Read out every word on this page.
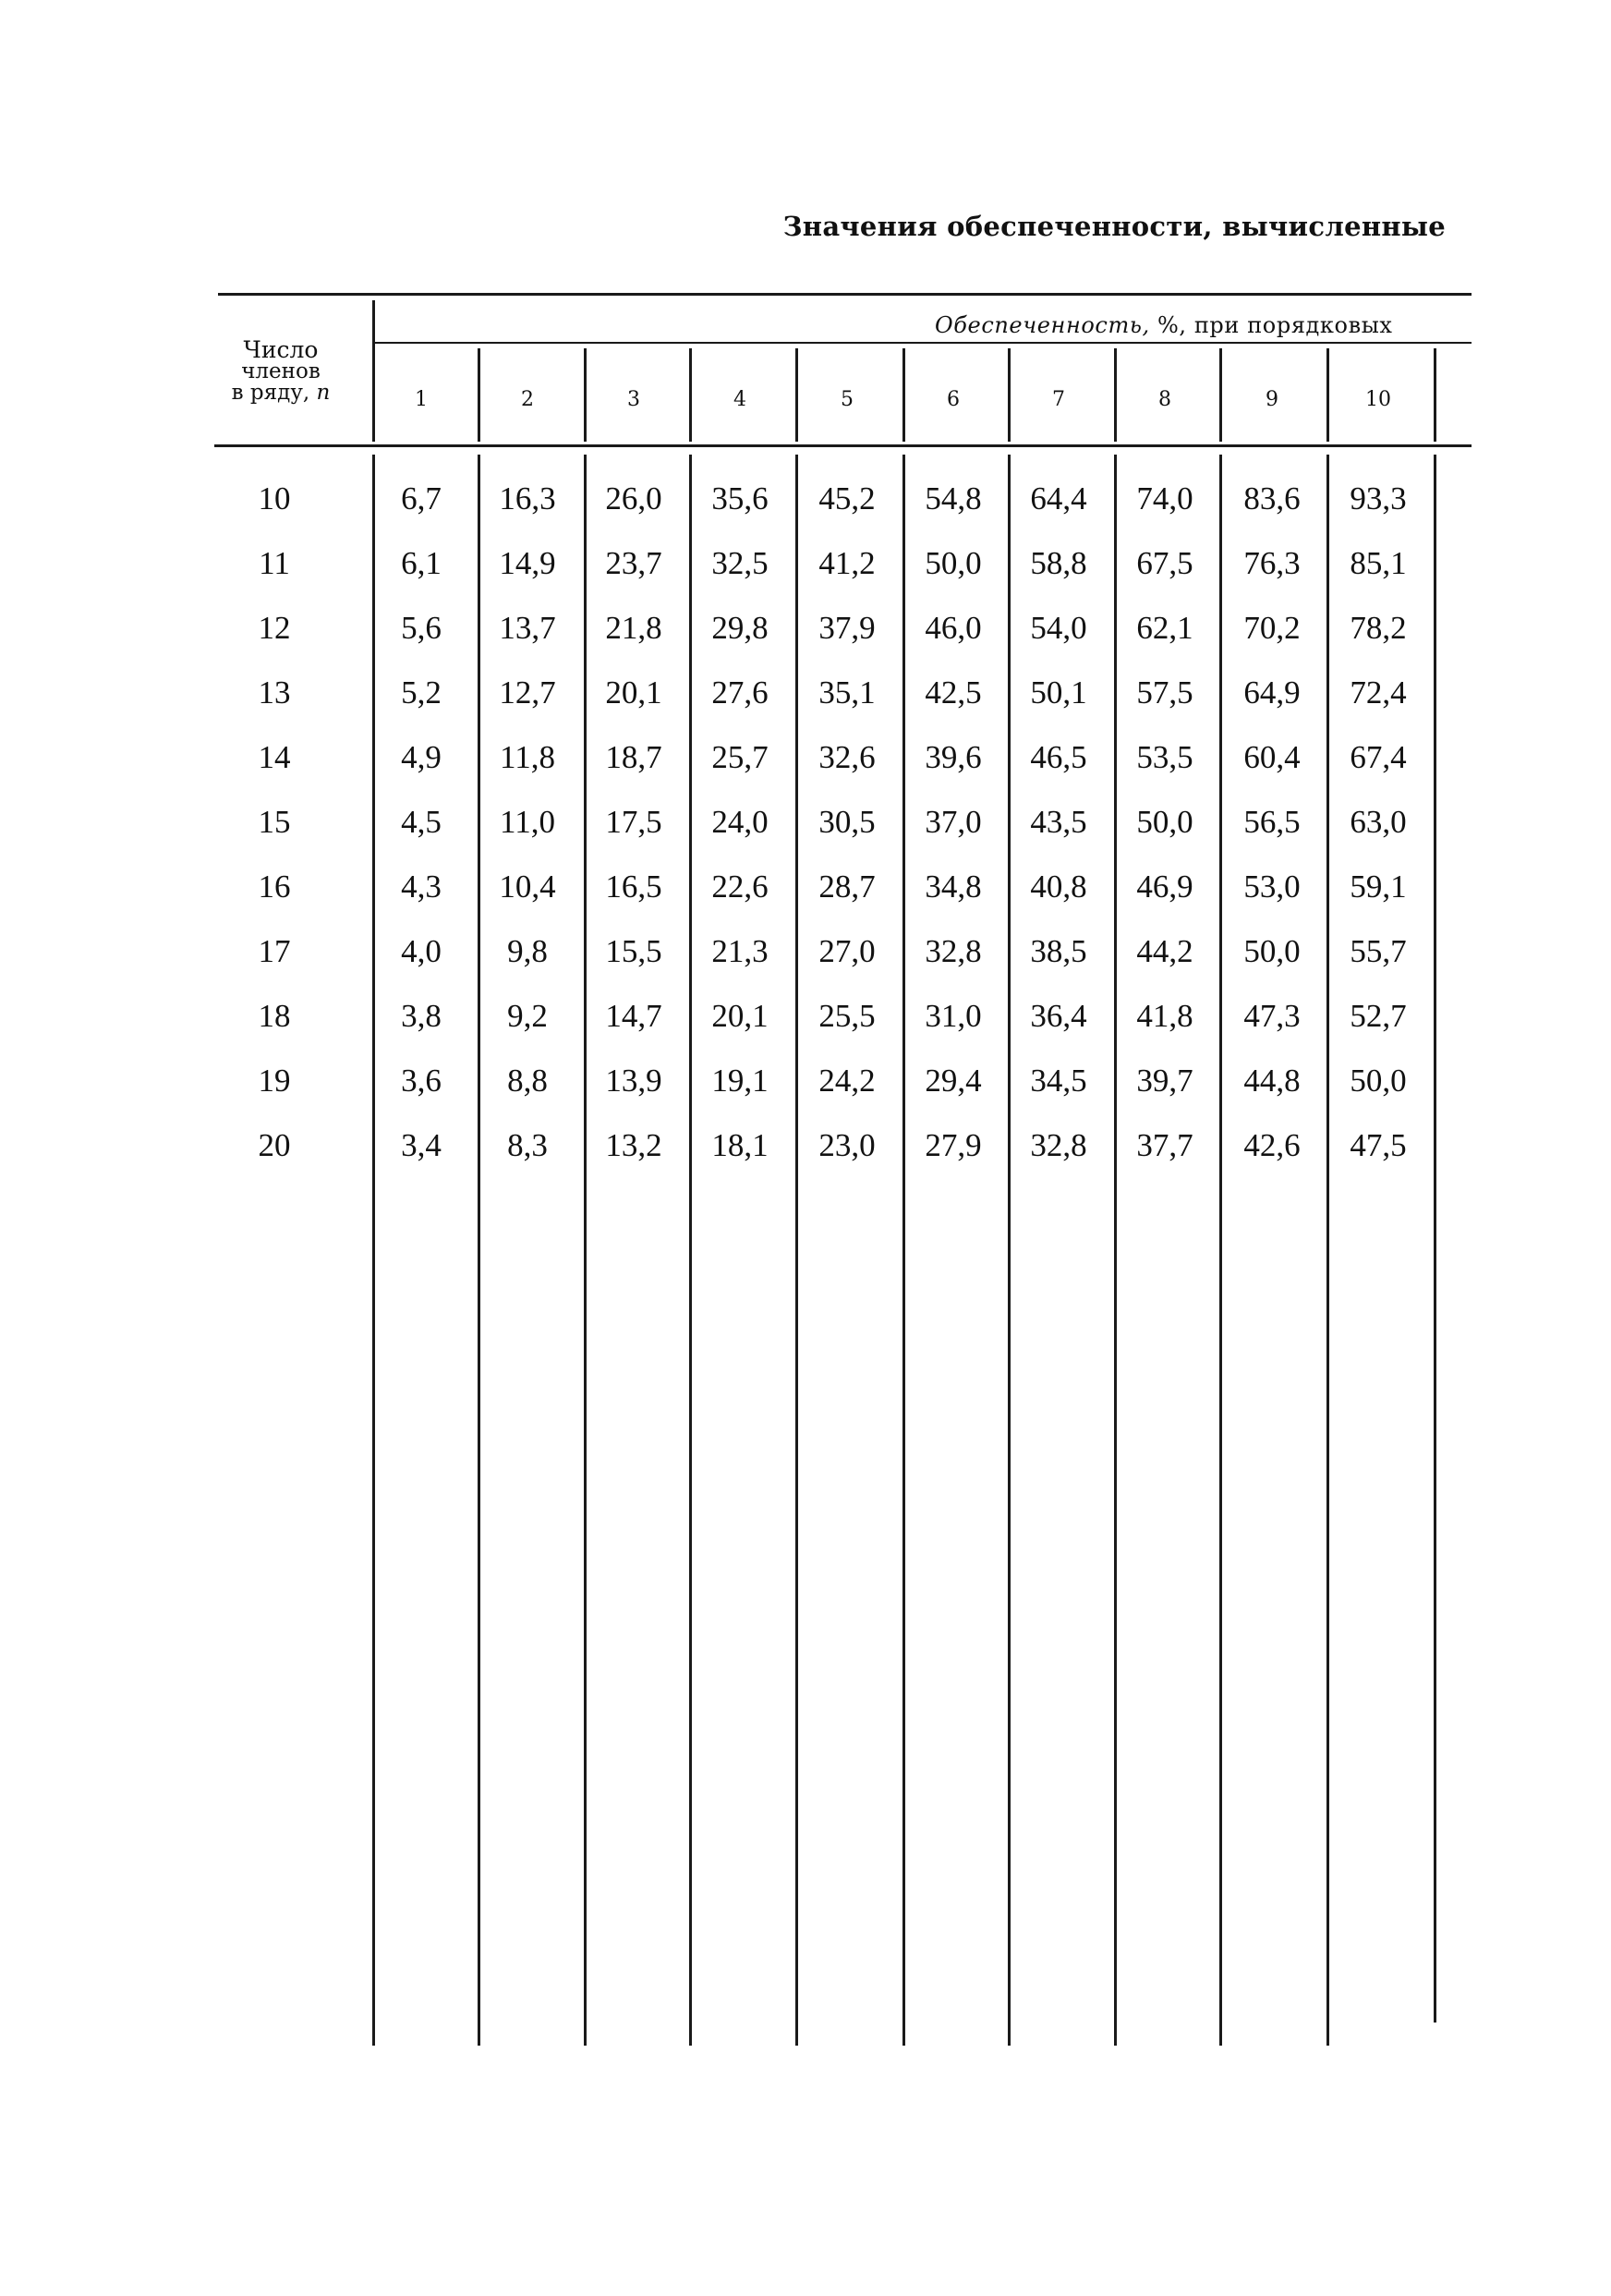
Значения обеспеченности, вычисленные
Число
членов
в ряду, n
Обеспеченность, %, при порядковых
1	2	3	4	5	6	7	8	9	10
10	6,7	16,3	26,0	35,6	45,2	54,8	64,4	74,0	83,6	93,3
11	6,1	14,9	23,7	32,5	41,2	50,0	58,8	67,5	76,3	85,1
12	5,6	13,7	21,8	29,8	37,9	46,0	54,0	62,1	70,2	78,2
13	5,2	12,7	20,1	27,6	35,1	42,5	50,1	57,5	64,9	72,4
14	4,9	11,8	18,7	25,7	32,6	39,6	46,5	53,5	60,4	67,4
15	4,5	11,0	17,5	24,0	30,5	37,0	43,5	50,0	56,5	63,0
16	4,3	10,4	16,5	22,6	28,7	34,8	40,8	46,9	53,0	59,1
17	4,0	9,8	15,5	21,3	27,0	32,8	38,5	44,2	50,0	55,7
18	3,8	9,2	14,7	20,1	25,5	31,0	36,4	41,8	47,3	52,7
19	3,6	8,8	13,9	19,1	24,2	29,4	34,5	39,7	44,8	50,0
20	3,4	8,3	13,2	18,1	23,0	27,9	32,8	37,7	42,6	47,5
